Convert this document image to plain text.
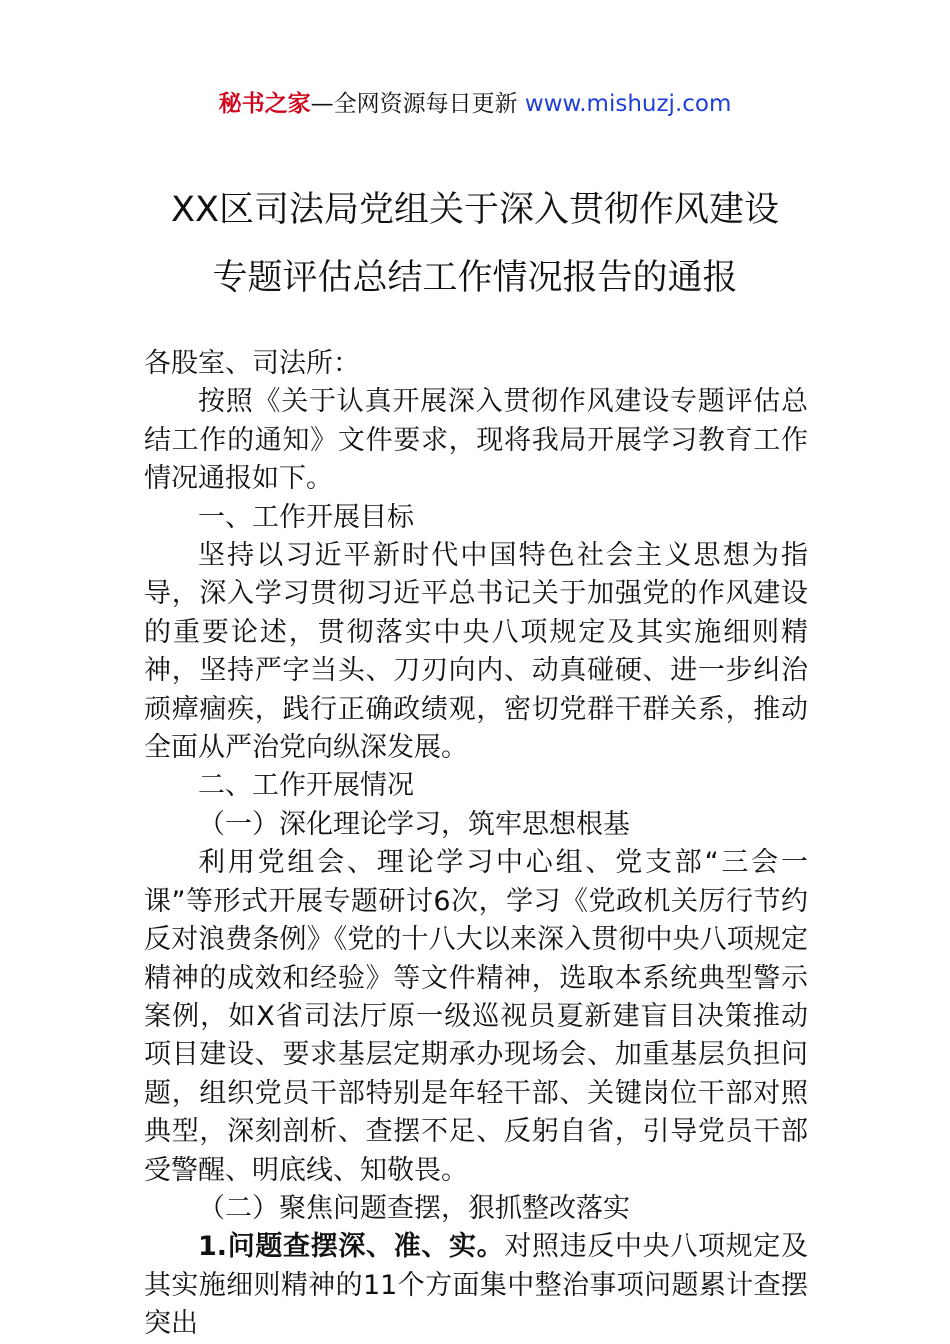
秘书之家—全网资源每日更新 www.mishuzj.com
XX区司法局党组关于深入贯彻作风建设
专题评估总结工作情况报告的通报

各股室、司法所：

按照《关于认真开展深入贯彻作风建设专题评估总结工作的通知》文件要求，现将我局开展学习教育工作情况通报如下。

一、工作开展目标

坚持以习近平新时代中国特色社会主义思想为指导，深入学习贯彻习近平总书记关于加强党的作风建设的重要论述，贯彻落实中央八项规定及其实施细则精神，坚持严字当头、刀刃向内、动真碰硬、进一步纠治顽瘴痼疾，践行正确政绩观，密切党群干群关系，推动全面从严治党向纵深发展。

二、工作开展情况

（一）深化理论学习，筑牢思想根基

利用党组会、理论学习中心组、党支部“三会一课”等形式开展专题研讨6次，学习《党政机关厉行节约反对浪费条例》《党的十八大以来深入贯彻中央八项规定精神的成效和经验》等文件精神，选取本系统典型警示案例，如X省司法厅原一级巡视员夏新建盲目决策推动项目建设、要求基层定期承办现场会、加重基层负担问题，组织党员干部特别是年轻干部、关键岗位干部对照典型，深刻剖析、查摆不足、反躬自省，引导党员干部受警醒、明底线、知敬畏。

（二）聚焦问题查摆，狠抓整改落实

1.问题查摆深、准、实。对照违反中央八项规定及其实施细则精神的11个方面集中整治事项问题累计查摆突出
